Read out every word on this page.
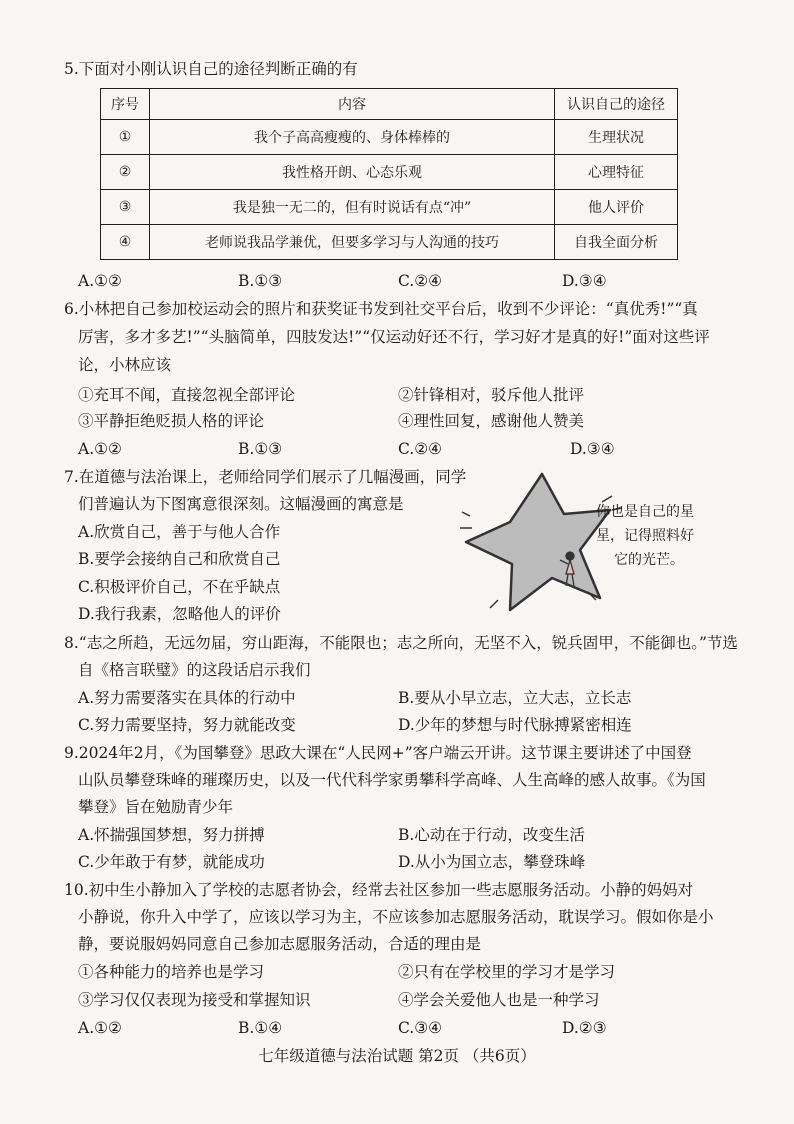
5.下面对小刚认识自己的途径判断正确的有
序号	内容	认识自己的途径
①	我个子高高瘦瘦的、身体棒棒的	生理状况
②	我性格开朗、心态乐观	心理特征
③	我是独一无二的，但有时说话有点“冲”	他人评价
④	老师说我品学兼优，但要多学习与人沟通的技巧	自我全面分析
A.①②	B.①③	C.②④	D.③④
6.小林把自己参加校运动会的照片和获奖证书发到社交平台后，收到不少评论：“真优秀!”“真
厉害，多才多艺!”“头脑简单，四肢发达!”“仅运动好还不行，学习好才是真的好!”面对这些评
论，小林应该
①充耳不闻，直接忽视全部评论	②针锋相对，驳斥他人批评
③平静拒绝贬损人格的评论	④理性回复，感谢他人赞美
A.①②	B.①③	C.②④	D.③④
7.在道德与法治课上，老师给同学们展示了几幅漫画，同学
们普遍认为下图寓意很深刻。这幅漫画的寓意是
A.欣赏自己，善于与他人合作
B.要学会接纳自己和欣赏自己
C.积极评价自己，不在乎缺点
D.我行我素，忽略他人的评价
你也是自己的星
星，记得照料好
它的光芒。
8.“志之所趋，无远勿届，穷山距海，不能限也；志之所向，无坚不入，锐兵固甲，不能御也。”节选
自《格言联璧》的这段话启示我们
A.努力需要落实在具体的行动中	B.要从小早立志，立大志，立长志
C.努力需要坚持，努力就能改变	D.少年的梦想与时代脉搏紧密相连
9.2024年2月，《为国攀登》思政大课在“人民网+”客户端云开讲。这节课主要讲述了中国登
山队员攀登珠峰的璀璨历史，以及一代代科学家勇攀科学高峰、人生高峰的感人故事。《为国
攀登》旨在勉励青少年
A.怀揣强国梦想，努力拼搏	B.心动在于行动，改变生活
C.少年敢于有梦，就能成功	D.从小为国立志，攀登珠峰
10.初中生小静加入了学校的志愿者协会，经常去社区参加一些志愿服务活动。小静的妈妈对
小静说，你升入中学了，应该以学习为主，不应该参加志愿服务活动，耽误学习。假如你是小
静，要说服妈妈同意自己参加志愿服务活动，合适的理由是
①各种能力的培养也是学习	②只有在学校里的学习才是学习
③学习仅仅表现为接受和掌握知识	④学会关爱他人也是一种学习
A.①②	B.①④	C.③④	D.②③
七年级道德与法治试题 第2页 （共6页）
